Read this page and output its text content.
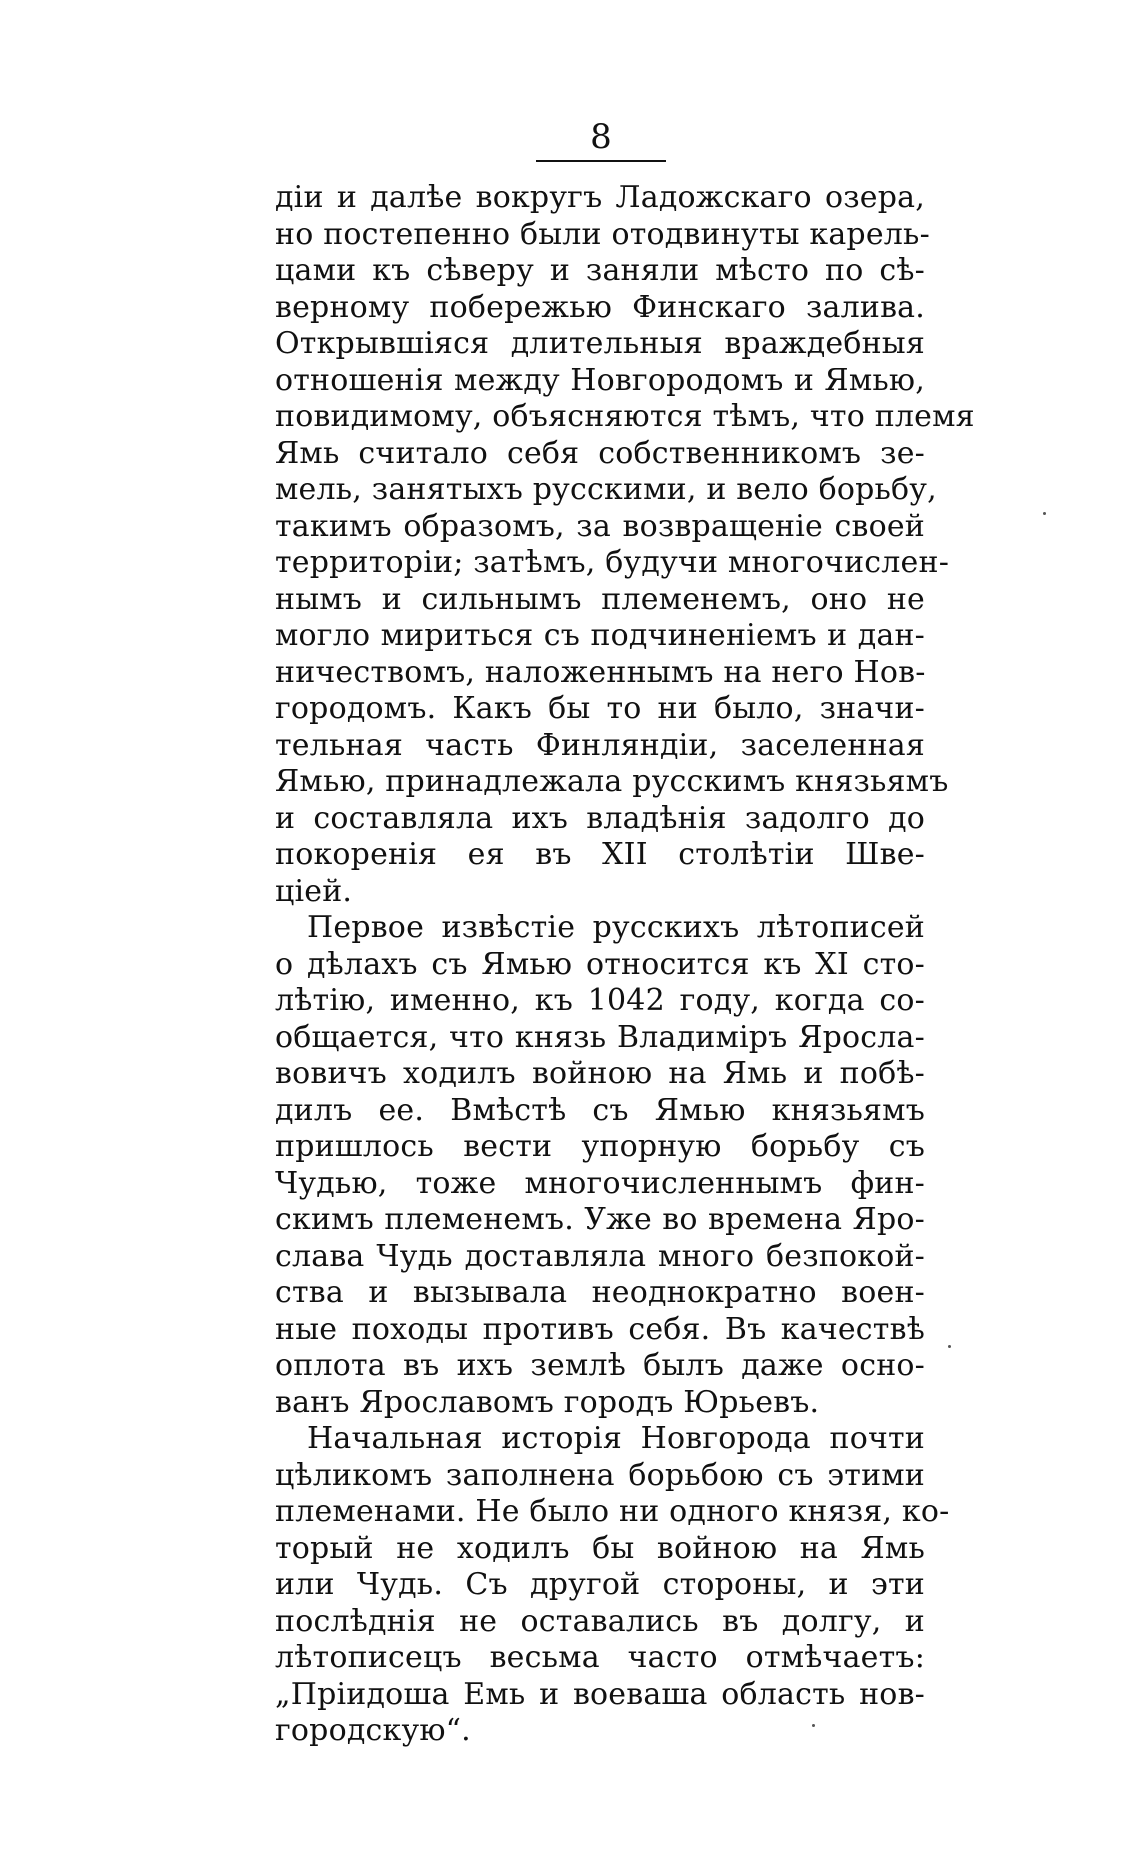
8
діи и далѣе вокругъ Ладожскаго озера,
но постепенно были отодвинуты карель-
цами къ сѣверу и заняли мѣсто по сѣ-
верному побережью Финскаго залива.
Открывшіяся длительныя враждебныя
отношенія между Новгородомъ и Ямью,
повидимому, объясняются тѣмъ, что племя
Ямь считало себя собственникомъ зе-
мель, занятыхъ русскими, и вело борьбу,
такимъ образомъ, за возвращеніе своей
территоріи; затѣмъ, будучи многочислен-
нымъ и сильнымъ племенемъ, оно не
могло мириться съ подчиненіемъ и дан-
ничествомъ, наложеннымъ на него Нов-
городомъ. Какъ бы то ни было, значи-
тельная часть Финляндіи, заселенная
Ямью, принадлежала русскимъ князьямъ
и составляла ихъ владѣнія задолго до
покоренія ея въ XII столѣтіи Шве-
ціей.
Первое извѣстіе русскихъ лѣтописей
о дѣлахъ съ Ямью относится къ XI сто-
лѣтію, именно, къ 1042 году, когда со-
общается, что князь Владиміръ Яросла-
вовичъ ходилъ войною на Ямь и побѣ-
дилъ ее. Вмѣстѣ съ Ямью князьямъ
пришлось вести упорную борьбу съ
Чудью, тоже многочисленнымъ фин-
скимъ племенемъ. Уже во времена Яро-
слава Чудь доставляла много безпокой-
ства и вызывала неоднократно воен-
ные походы противъ себя. Въ качествѣ
оплота въ ихъ землѣ былъ даже осно-
ванъ Ярославомъ городъ Юрьевъ.
Начальная исторія Новгорода почти
цѣликомъ заполнена борьбою съ этими
племенами. Не было ни одного князя, ко-
торый не ходилъ бы войною на Ямь
или Чудь. Съ другой стороны, и эти
послѣднія не оставались въ долгу, и
лѣтописецъ весьма часто отмѣчаетъ:
„Пріидоша Емь и воеваша область нов-
городскую“.
